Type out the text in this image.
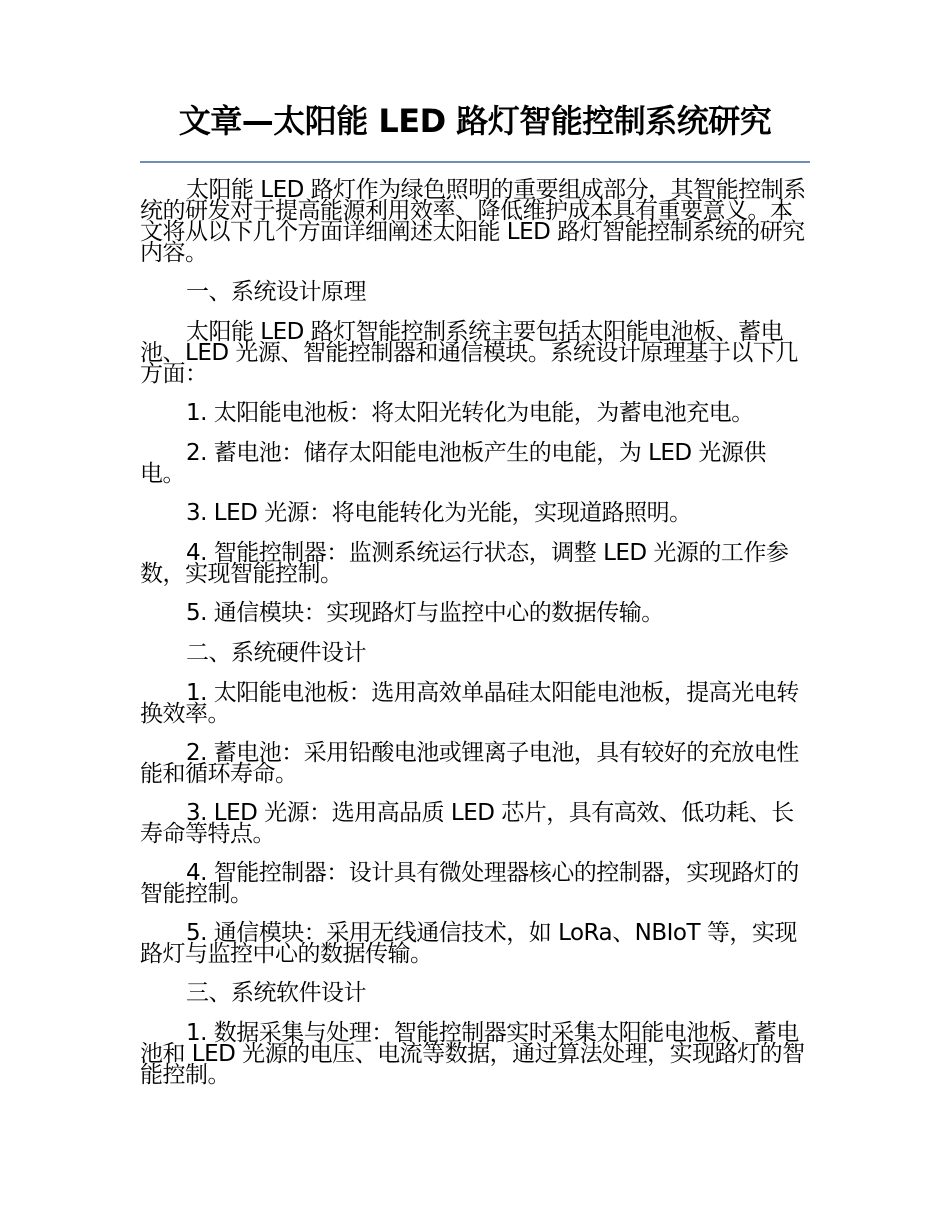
文章—太阳能 LED 路灯智能控制系统研究

太阳能 LED 路灯作为绿色照明的重要组成部分，其智能控制系统的研发对于提高能源利用效率、降低维护成本具有重要意义。本文将从以下几个方面详细阐述太阳能 LED 路灯智能控制系统的研究内容。

一、系统设计原理

太阳能 LED 路灯智能控制系统主要包括太阳能电池板、蓄电池、LED 光源、智能控制器和通信模块。系统设计原理基于以下几方面：

1. 太阳能电池板：将太阳光转化为电能，为蓄电池充电。

2. 蓄电池：储存太阳能电池板产生的电能，为 LED 光源供电。

3. LED 光源：将电能转化为光能，实现道路照明。

4. 智能控制器：监测系统运行状态，调整 LED 光源的工作参数，实现智能控制。

5. 通信模块：实现路灯与监控中心的数据传输。

二、系统硬件设计

1. 太阳能电池板：选用高效单晶硅太阳能电池板，提高光电转换效率。

2. 蓄电池：采用铅酸电池或锂离子电池，具有较好的充放电性能和循环寿命。

3. LED 光源：选用高品质 LED 芯片，具有高效、低功耗、长寿命等特点。

4. 智能控制器：设计具有微处理器核心的控制器，实现路灯的智能控制。

5. 通信模块：采用无线通信技术，如 LoRa、NBIoT 等，实现路灯与监控中心的数据传输。

三、系统软件设计

1. 数据采集与处理：智能控制器实时采集太阳能电池板、蓄电池和 LED 光源的电压、电流等数据，通过算法处理，实现路灯的智能控制。
